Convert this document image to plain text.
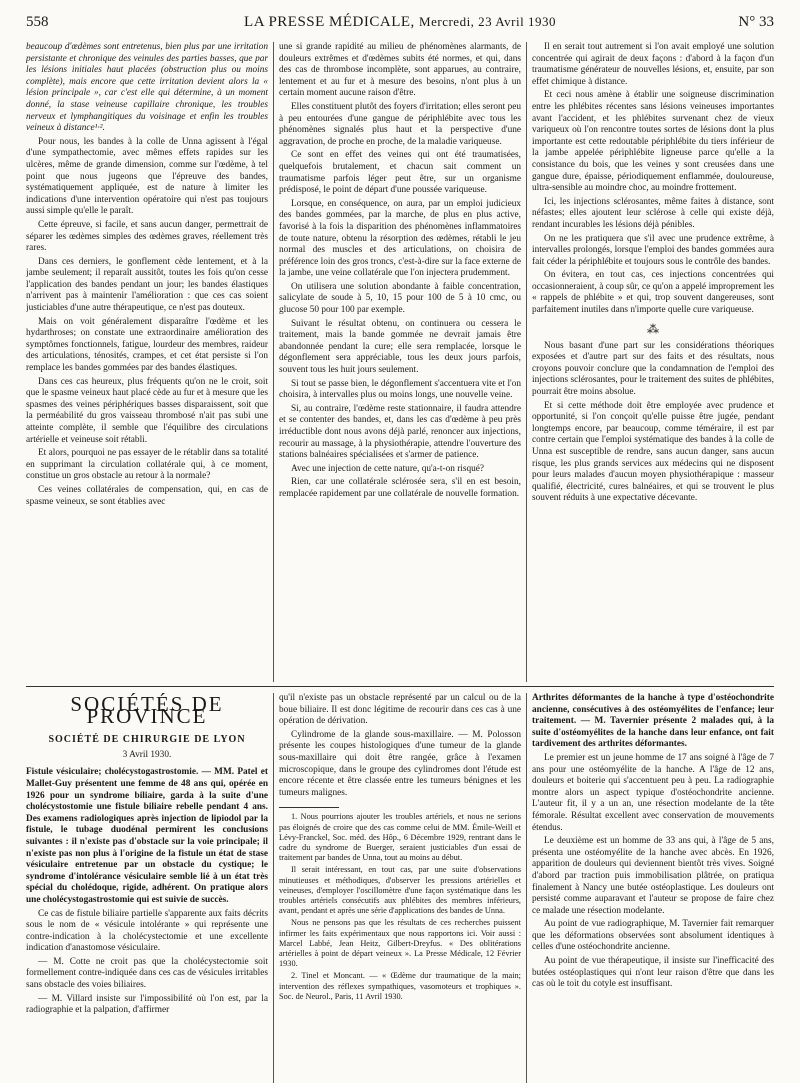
558	LA PRESSE MÉDICALE, Mercredi, 23 Avril 1930	N° 33

beaucoup d'œdèmes sont entretenus, bien plus par une irritation persistante et chronique des veinules des parties basses, que par les lésions initiales haut placées (obstruction plus ou moins complète), mais encore que cette irritation devient alors la « lésion principale », car c'est elle qui détermine, à un moment donné, la stase veineuse capillaire chronique, les troubles nerveux et lymphangitiques du voisinage et enfin les troubles veineux à distance¹·².

Pour nous, les bandes à la colle de Unna agissent à l'égal d'une sympathectomie, avec mêmes effets rapides sur les ulcères, même de grande dimension, comme sur l'œdème, à tel point que nous jugeons que l'épreuve des bandes, systématiquement appliquée, est de nature à limiter les indications d'une intervention opératoire qui n'est pas toujours aussi simple qu'elle le paraît.

Cette épreuve, si facile, et sans aucun danger, permettrait de séparer les œdèmes simples des œdèmes graves, réellement très rares.

Dans ces derniers, le gonflement cède lentement, et à la jambe seulement; il reparaît aussitôt, toutes les fois qu'on cesse l'application des bandes pendant un jour; les bandes élastiques n'arrivent pas à maintenir l'amélioration : que ces cas soient justiciables d'une autre thérapeutique, ce n'est pas douteux.

Mais on voit généralement disparaître l'œdème et les hydarthroses; on constate une extraordinaire amélioration des symptômes fonctionnels, fatigue, lourdeur des membres, raideur des articulations, ténosités, crampes, et cet état persiste si l'on remplace les bandes gommées par des bandes élastiques.

Dans ces cas heureux, plus fréquents qu'on ne le croit, soit que le spasme veineux haut placé cède au fur et à mesure que les spasmes des veines périphériques basses disparaissent, soit que la perméabilité du gros vaisseau thrombosé n'ait pas subi une atteinte complète, il semble que l'équilibre des circulations artérielle et veineuse soit rétabli.

Et alors, pourquoi ne pas essayer de le rétablir dans sa totalité en supprimant la circulation collatérale qui, à ce moment, constitue un gros obstacle au retour à la normale?

Ces veines collatérales de compensation, qui, en cas de spasme veineux, se sont établies avec

une si grande rapidité au milieu de phénomènes alarmants, de douleurs extrêmes et d'œdèmes subits été normes, et qui, dans des cas de thrombose incomplète, sont apparues, au contraire, lentement et au fur et à mesure des besoins, n'ont plus à un certain moment aucune raison d'être.

Elles constituent plutôt des foyers d'irritation; elles seront peu à peu entourées d'une gangue de périphlébite avec tous les phénomènes signalés plus haut et la perspective d'une aggravation, de proche en proche, de la maladie variqueuse.

Ce sont en effet des veines qui ont été traumatisées, quelquefois brutalement, et chacun sait comment un traumatisme parfois léger peut être, sur un organisme prédisposé, le point de départ d'une poussée variqueuse.

Lorsque, en conséquence, on aura, par un emploi judicieux des bandes gommées, par la marche, de plus en plus active, favorisé à la fois la disparition des phénomènes inflammatoires de toute nature, obtenu la résorption des œdèmes, rétabli le jeu normal des muscles et des articulations, on choisira de préférence loin des gros troncs, c'est-à-dire sur la face externe de la jambe, une veine collatérale que l'on injectera prudemment.

On utilisera une solution abondante à faible concentration, salicylate de soude à 5, 10, 15 pour 100 de 5 à 10 cmc, ou glucose 50 pour 100 par exemple.

Suivant le résultat obtenu, on continuera ou cessera le traitement, mais la bande gommée ne devrait jamais être abandonnée pendant la cure; elle sera remplacée, lorsque le dégonflement sera appréciable, tous les deux jours parfois, souvent tous les huit jours seulement.

Si tout se passe bien, le dégonflement s'accentuera vite et l'on choisira, à intervalles plus ou moins longs, une nouvelle veine.

Si, au contraire, l'œdème reste stationnaire, il faudra attendre et se contenter des bandes, et, dans les cas d'œdème à peu près irréductible dont nous avons déjà parlé, renoncer aux injections, recourir au massage, à la physiothérapie, attendre l'ouverture des stations balnéaires spécialisées et s'armer de patience.

Avec une injection de cette nature, qu'a-t-on risqué?

Rien, car une collatérale sclérosée sera, s'il en est besoin, remplacée rapidement par une collatérale de nouvelle formation.

Il en serait tout autrement si l'on avait employé une solution concentrée qui agirait de deux façons : d'abord à la façon d'un traumatisme générateur de nouvelles lésions, et, ensuite, par son effet chimique à distance.

Et ceci nous amène à établir une soigneuse discrimination entre les phlébites récentes sans lésions veineuses importantes avant l'accident, et les phlébites survenant chez de vieux variqueux où l'on rencontre toutes sortes de lésions dont la plus importante est cette redoutable périphlébite du tiers inférieur de la jambe appelée périphlébite ligneuse parce qu'elle a la consistance du bois, que les veines y sont creusées dans une gangue dure, épaisse, périodiquement enflammée, douloureuse, ultra-sensible au moindre choc, au moindre frottement.

Ici, les injections sclérosantes, même faites à distance, sont néfastes; elles ajoutent leur sclérose à celle qui existe déjà, rendant incurables les lésions déjà pénibles.

On ne les pratiquera que s'il avec une prudence extrême, à intervalles prolongés, lorsque l'emploi des bandes gommées aura fait céder la périphlébite et toujours sous le contrôle des bandes.

On évitera, en tout cas, ces injections concentrées qui occasionneraient, à coup sûr, ce qu'on a appelé improprement les « rappels de phlébite » et qui, trop souvent dangereuses, sont parfaitement inutiles dans n'importe quelle cure variqueuse.

⁂

Nous basant d'une part sur les considérations théoriques exposées et d'autre part sur des faits et des résultats, nous croyons pouvoir conclure que la condamnation de l'emploi des injections sclérosantes, pour le traitement des suites de phlébites, pourrait être moins absolue.

Et si cette méthode doit être employée avec prudence et opportunité, si l'on conçoit qu'elle puisse être jugée, pendant longtemps encore, par beaucoup, comme téméraire, il est par contre certain que l'emploi systématique des bandes à la colle de Unna est susceptible de rendre, sans aucun danger, sans aucun risque, les plus grands services aux médecins qui ne disposent pour leurs malades d'aucun moyen physiothérapique : masseur qualifié, électricité, cures balnéaires, et qui se trouvent le plus souvent réduits à une expectative décevante.

SOCIÉTÉS DE PROVINCE
SOCIÉTÉ DE CHIRURGIE DE LYON
3 Avril 1930.

Fistule vésiculaire; cholécystogastrostomie. — MM. Patel et Mallet-Guy présentent une femme de 48 ans qui, opérée en 1926 pour un syndrome biliaire, garda à la suite d'une cholécystostomie une fistule biliaire rebelle pendant 4 ans. Des examens radiologiques après injection de lipiodol par la fistule, le tubage duodénal permirent les conclusions suivantes : il n'existe pas d'obstacle sur la voie principale; il n'existe pas non plus à l'origine de la fistule un état de stase vésiculaire entretenue par un obstacle du cystique; le syndrome d'intolérance vésiculaire semble lié à un état très spécial du cholédoque, rigide, adhérent. On pratique alors une cholécystogastrostomie qui est suivie de succès.

Ce cas de fistule biliaire partielle s'apparente aux faits décrits sous le nom de « vésicule intolérante » qui représente une contre-indication à la cholécystectomie et une excellente indication d'anastomose vésiculaire.

— M. Cotte ne croit pas que la cholécystectomie soit formellement contre-indiquée dans ces cas de vésicules irritables sans obstacle des voies biliaires.

— M. Villard insiste sur l'impossibilité où l'on est, par la radiographie et la palpation, d'affirmer

qu'il n'existe pas un obstacle représenté par un calcul ou de la boue biliaire. Il est donc légitime de recourir dans ces cas à une opération de dérivation.

Cylindrome de la glande sous-maxillaire. — M. Polosson présente les coupes histologiques d'une tumeur de la glande sous-maxillaire qui doit être rangée, grâce à l'examen microscopique, dans le groupe des cylindromes dont l'étude est encore récente et être classée entre les tumeurs bénignes et les tumeurs malignes.

1. Nous pourrions ajouter les troubles artériels, et nous ne serions pas éloignés de croire que des cas comme celui de MM. Émile-Weill et Lévy-Franckel, Soc. méd. des Hôp., 6 Décembre 1929, rentrant dans le cadre du syndrome de Buerger, seraient justiciables d'un essai de traitement par bandes de Unna, tout au moins au début.

Il serait intéressant, en tout cas, par une suite d'observations minutieuses et méthodiques, d'observer les pressions artérielles et veineuses, d'employer l'oscillomètre d'une façon systématique dans les troubles artériels consécutifs aux phlébites des membres inférieurs, avant, pendant et après une série d'applications des bandes de Unna.

Nous ne pensons pas que les résultats de ces recherches puissent infirmer les faits expérimentaux que nous rapportons ici. Voir aussi : Marcel Labbé, Jean Heitz, Gilbert-Dreyfus. « Des oblitérations artérielles à point de départ veineux ». La Presse Médicale, 12 Février 1930.

2. Tinel et Moncant. — « Œdème dur traumatique de la main; intervention des réflexes sympathiques, vasomoteurs et trophiques ». Soc. de Neurol., Paris, 11 Avril 1930.

Arthrites déformantes de la hanche à type d'ostéochondrite ancienne, consécutives à des ostéomyélites de l'enfance; leur traitement. — M. Tavernier présente 2 malades qui, à la suite d'ostéomyélites de la hanche dans leur enfance, ont fait tardivement des arthrites déformantes.

Le premier est un jeune homme de 17 ans soigné à l'âge de 7 ans pour une ostéomyélite de la hanche. A l'âge de 12 ans, douleurs et boiterie qui s'accentuent peu à peu. La radiographie montre alors un aspect typique d'ostéochondrite ancienne. L'auteur fit, il y a un an, une résection modelante de la tête fémorale. Résultat excellent avec conservation de mouvements étendus.

Le deuxième est un homme de 33 ans qui, à l'âge de 5 ans, présenta une ostéomyélite de la hanche avec abcès. En 1926, apparition de douleurs qui deviennent bientôt très vives. Soigné d'abord par traction puis immobilisation plâtrée, on pratiqua finalement à Nancy une butée ostéoplastique. Les douleurs ont persisté comme auparavant et l'auteur se propose de faire chez ce malade une résection modelante.

Au point de vue radiographique, M. Tavernier fait remarquer que les déformations observées sont absolument identiques à celles d'une ostéochondrite ancienne.

Au point de vue thérapeutique, il insiste sur l'inefficacité des butées ostéoplastiques qui n'ont leur raison d'être que dans les cas où le toit du cotyle est insuffisant.
